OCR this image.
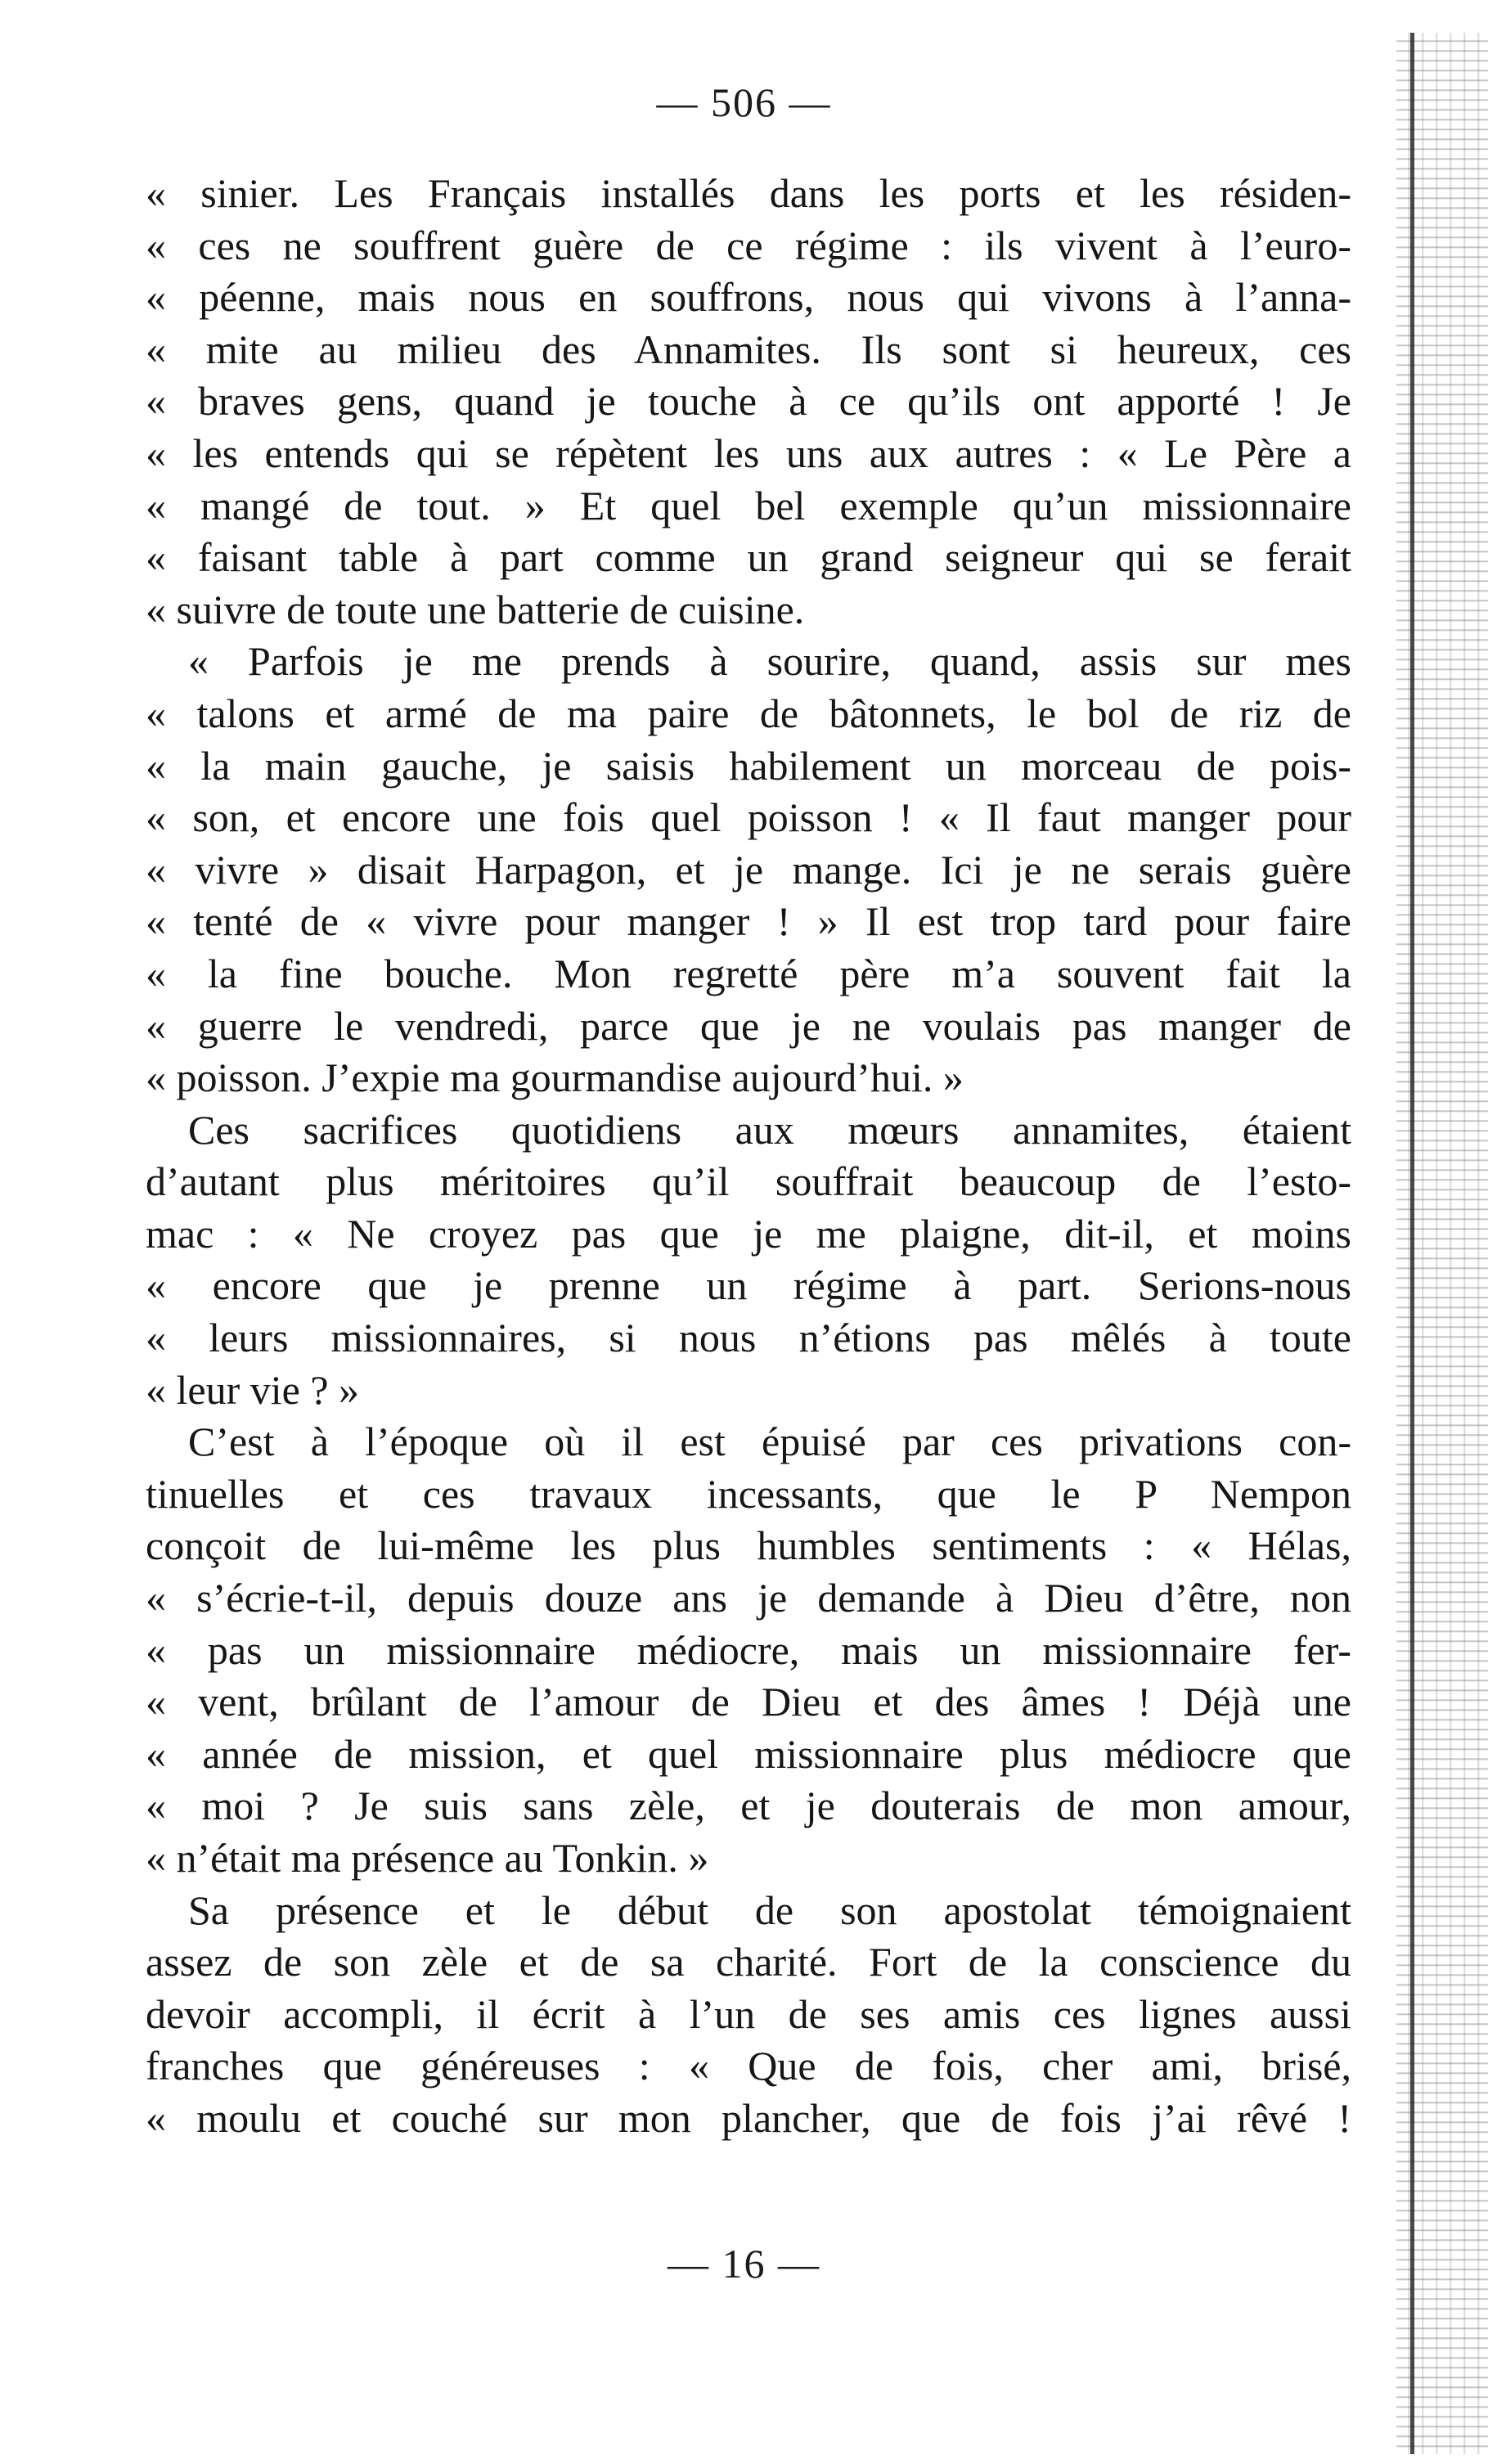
— 506 —
« sinier. Les Français installés dans les ports et les résiden-
« ces ne souffrent guère de ce régime : ils vivent à l’euro-
« péenne, mais nous en souffrons, nous qui vivons à l’anna-
« mite au milieu des Annamites. Ils sont si heureux, ces
« braves gens, quand je touche à ce qu’ils ont apporté ! Je
« les entends qui se répètent les uns aux autres : « Le Père a
« mangé de tout. » Et quel bel exemple qu’un missionnaire
« faisant table à part comme un grand seigneur qui se ferait
« suivre de toute une batterie de cuisine.
« Parfois je me prends à sourire, quand, assis sur mes
« talons et armé de ma paire de bâtonnets, le bol de riz de
« la main gauche, je saisis habilement un morceau de pois-
« son, et encore une fois quel poisson ! « Il faut manger pour
« vivre » disait Harpagon, et je mange. Ici je ne serais guère
« tenté de « vivre pour manger ! » Il est trop tard pour faire
« la fine bouche. Mon regretté père m’a souvent fait la
« guerre le vendredi, parce que je ne voulais pas manger de
« poisson. J’expie ma gourmandise aujourd’hui. »
Ces sacrifices quotidiens aux mœurs annamites, étaient
d’autant plus méritoires qu’il souffrait beaucoup de l’esto-
mac : « Ne croyez pas que je me plaigne, dit-il, et moins
« encore que je prenne un régime à part. Serions-nous
« leurs missionnaires, si nous n’étions pas mêlés à toute
« leur vie ? »
C’est à l’époque où il est épuisé par ces privations con-
tinuelles et ces travaux incessants, que le P Nempon
conçoit de lui-même les plus humbles sentiments : « Hélas,
« s’écrie-t-il, depuis douze ans je demande à Dieu d’être, non
« pas un missionnaire médiocre, mais un missionnaire fer-
« vent, brûlant de l’amour de Dieu et des âmes ! Déjà une
« année de mission, et quel missionnaire plus médiocre que
« moi ? Je suis sans zèle, et je douterais de mon amour,
« n’était ma présence au Tonkin. »
Sa présence et le début de son apostolat témoignaient
assez de son zèle et de sa charité. Fort de la conscience du
devoir accompli, il écrit à l’un de ses amis ces lignes aussi
franches que généreuses : « Que de fois, cher ami, brisé,
« moulu et couché sur mon plancher, que de fois j’ai rêvé !
— 16 —
